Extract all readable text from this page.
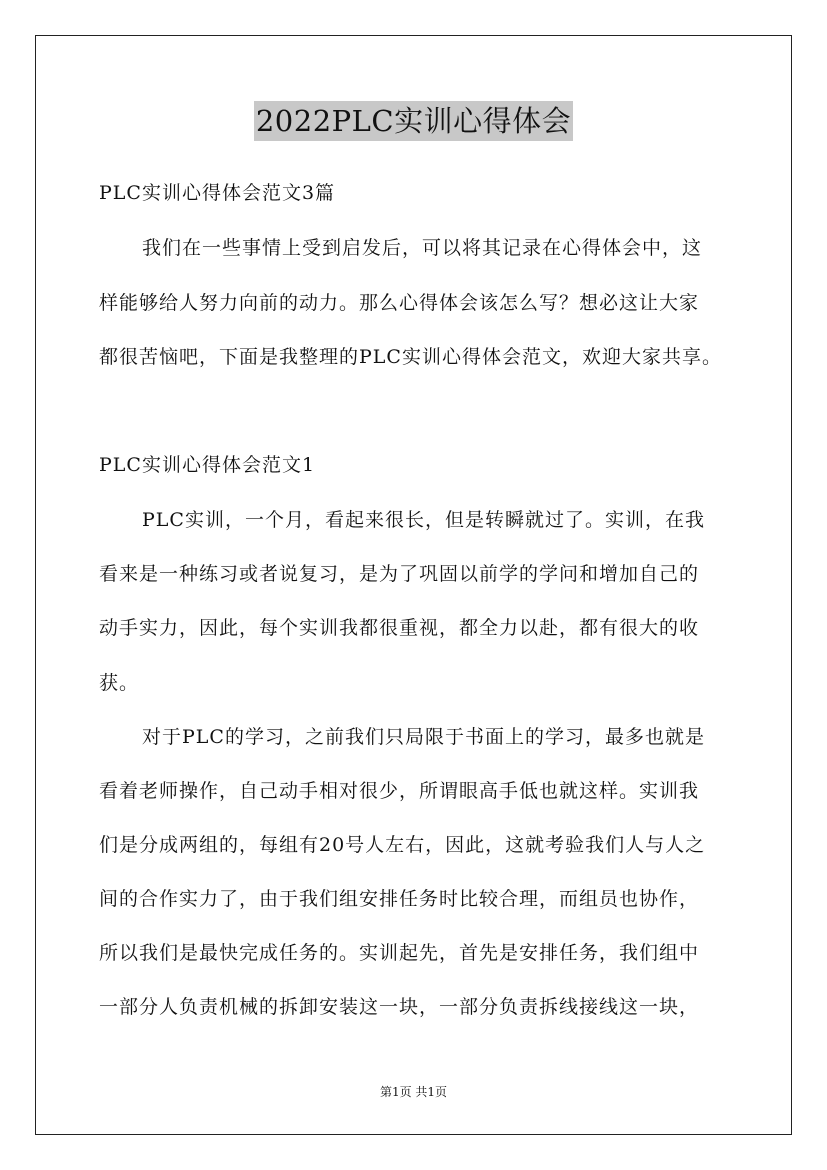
2022PLC实训心得体会
PLC实训心得体会范文3篇
我们在一些事情上受到启发后，可以将其记录在心得体会中，这
样能够给人努力向前的动力。那么心得体会该怎么写？想必这让大家
都很苦恼吧，下面是我整理的PLC实训心得体会范文，欢迎大家共享。
PLC实训心得体会范文1
PLC实训，一个月，看起来很长，但是转瞬就过了。实训，在我
看来是一种练习或者说复习，是为了巩固以前学的学问和增加自己的
动手实力，因此，每个实训我都很重视，都全力以赴，都有很大的收
获。
对于PLC的学习，之前我们只局限于书面上的学习，最多也就是
看着老师操作，自己动手相对很少，所谓眼高手低也就这样。实训我
们是分成两组的，每组有20号人左右，因此，这就考验我们人与人之
间的合作实力了，由于我们组安排任务时比较合理，而组员也协作，
所以我们是最快完成任务的。实训起先，首先是安排任务，我们组中
一部分人负责机械的拆卸安装这一块，一部分负责拆线接线这一块，
第1页 共1页
